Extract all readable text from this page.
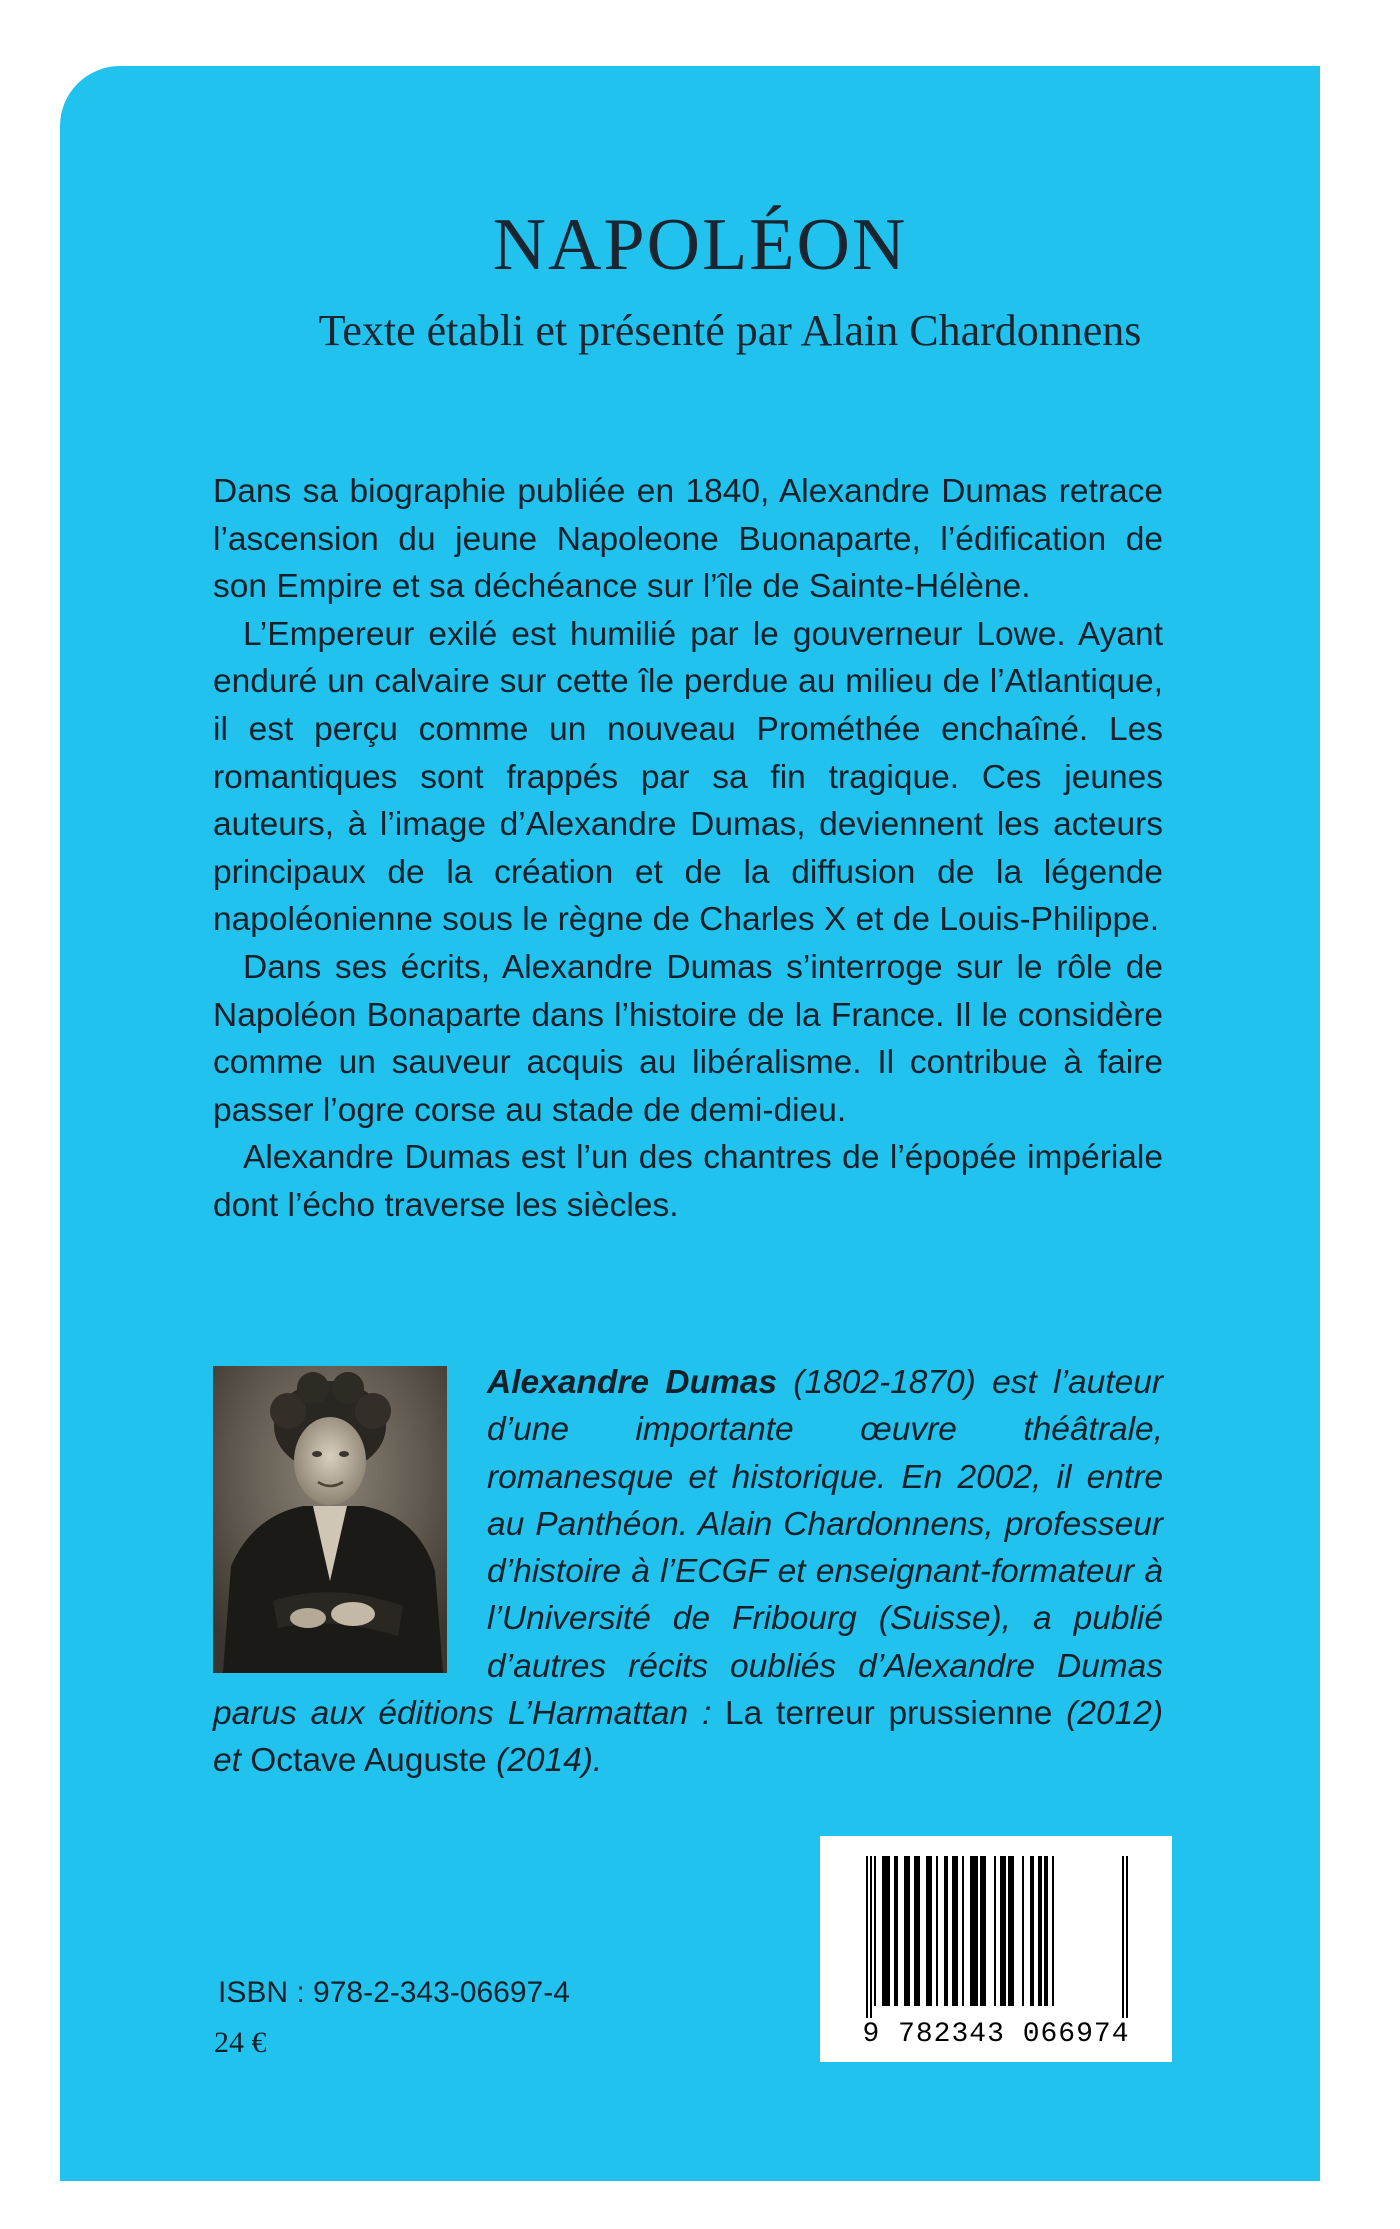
NAPOLÉON
Texte établi et présenté par Alain Chardonnens

Dans sa biographie publiée en 1840, Alexandre Dumas retrace l’ascension du jeune Napoleone Buonaparte, l’édification de son Empire et sa déchéance sur l’île de Sainte-Hélène.

L’Empereur exilé est humilié par le gouverneur Lowe. Ayant enduré un calvaire sur cette île perdue au milieu de l’Atlantique, il est perçu comme un nouveau Prométhée enchaîné. Les romantiques sont frappés par sa fin tragique. Ces jeunes auteurs, à l’image d’Alexandre Dumas, deviennent les acteurs principaux de la création et de la diffusion de la légende napoléonienne sous le règne de Charles X et de Louis-Philippe.

Dans ses écrits, Alexandre Dumas s’interroge sur le rôle de Napoléon Bonaparte dans l’histoire de la France. Il le considère comme un sauveur acquis au libéralisme. Il contribue à faire passer l’ogre corse au stade de demi-dieu.

Alexandre Dumas est l’un des chantres de l’épopée impériale dont l’écho traverse les siècles.

Alexandre Dumas (1802-1870) est l’auteur d’une importante œuvre théâtrale, romanesque et historique. En 2002, il entre au Panthéon. Alain Chardonnens, professeur d’histoire à l’ECGF et enseignant-formateur à l’Université de Fribourg (Suisse), a publié d’autres récits oubliés d’Alexandre Dumas parus aux éditions L’Harmattan : La terreur prussienne (2012) et Octave Auguste (2014).
9 782343 066974
ISBN : 978-2-343-06697-4
24 €
